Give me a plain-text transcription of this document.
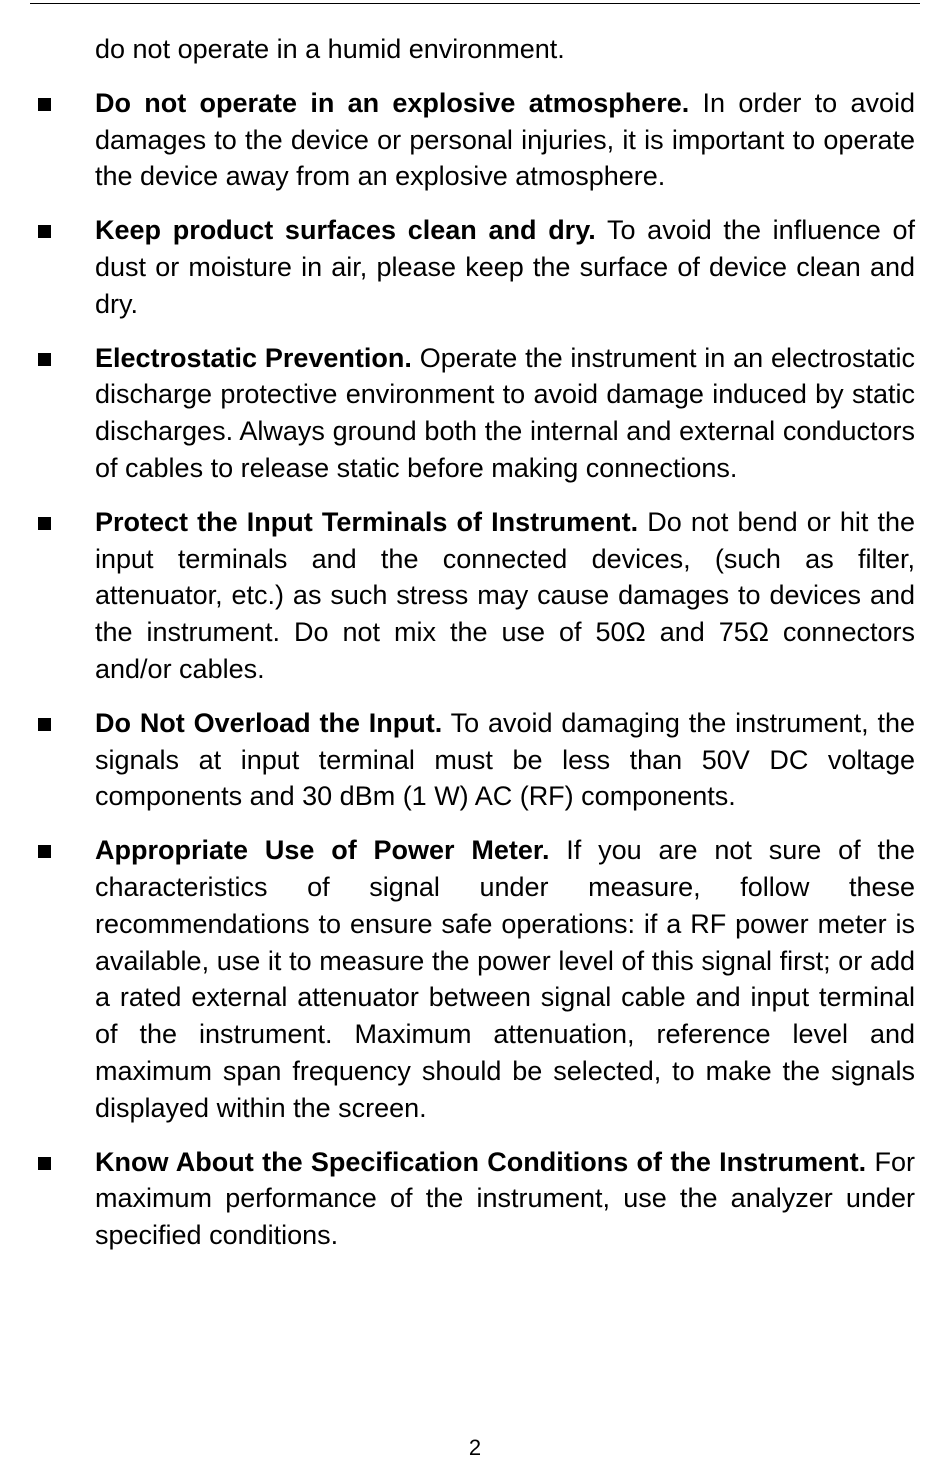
do not operate in a humid environment.

Do not operate in an explosive atmosphere. In order to avoid damages to the device or personal injuries, it is important to operate the device away from an explosive atmosphere.

Keep product surfaces clean and dry. To avoid the influence of dust or moisture in air, please keep the surface of device clean and dry.

Electrostatic Prevention. Operate the instrument in an electrostatic discharge protective environment to avoid damage induced by static discharges. Always ground both the internal and external conductors of cables to release static before making connections.

Protect the Input Terminals of Instrument. Do not bend or hit the input terminals and the connected devices, (such as filter, attenuator, etc.) as such stress may cause damages to devices and the instrument. Do not mix the use of 50Ω and 75Ω connectors and/or cables.

Do Not Overload the Input. To avoid damaging the instrument, the signals at input terminal must be less than 50V DC voltage components and 30 dBm (1 W) AC (RF) components.

Appropriate Use of Power Meter. If you are not sure of the characteristics of signal under measure, follow these recommendations to ensure safe operations: if a RF power meter is available, use it to measure the power level of this signal first; or add a rated external attenuator between signal cable and input terminal of the instrument. Maximum attenuation, reference level and maximum span frequency should be selected, to make the signals displayed within the screen.

Know About the Specification Conditions of the Instrument. For maximum performance of the instrument, use the analyzer under specified conditions.

2
